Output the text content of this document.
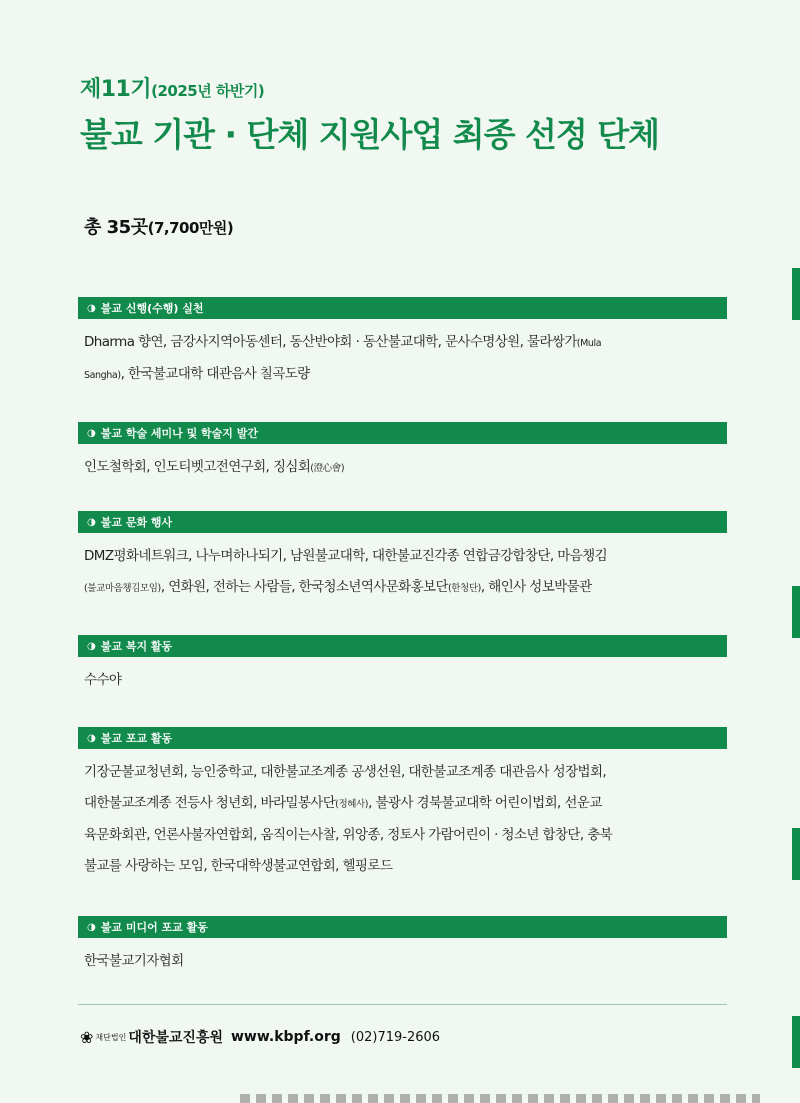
제11기(2025년 하반기)
불교 기관 · 단체 지원사업 최종 선정 단체
총 35곳(7,700만원)
◑ 불교 신행(수행) 실천
Dharma 향연, 금강사지역아동센터, 동산반야회 · 동산불교대학, 문사수명상원, 물라쌍가(Mula
Sangha), 한국불교대학 대관음사 칠곡도량
◑ 불교 학술 세미나 및 학술지 발간
인도철학회, 인도티벳고전연구회, 징심회(澄心會)
◑ 불교 문화 행사
DMZ평화네트워크, 나누며하나되기, 남원불교대학, 대한불교진각종 연합금강합창단, 마음챙김
(불교마음챙김모임), 연화원, 전하는 사람들, 한국청소년역사문화홍보단(한청단), 해인사 성보박물관
◑ 불교 복지 활동
수수야
◑ 불교 포교 활동
기장군불교청년회, 능인중학교, 대한불교조계종 공생선원, 대한불교조계종 대관음사 성장법회,
대한불교조계종 전등사 청년회, 바라밀봉사단(정혜사), 불광사 경북불교대학 어린이법회, 선운교
육문화회관, 언론사불자연합회, 움직이는사찰, 위앙종, 정토사 가람어린이 · 청소년 합창단, 충북
불교를 사랑하는 모임, 한국대학생불교연합회, 헬핑로드
◑ 불교 미디어 포교 활동
한국불교기자협회
❀ 재단법인 대한불교진흥원 www.kbpf.org (02)719-2606
